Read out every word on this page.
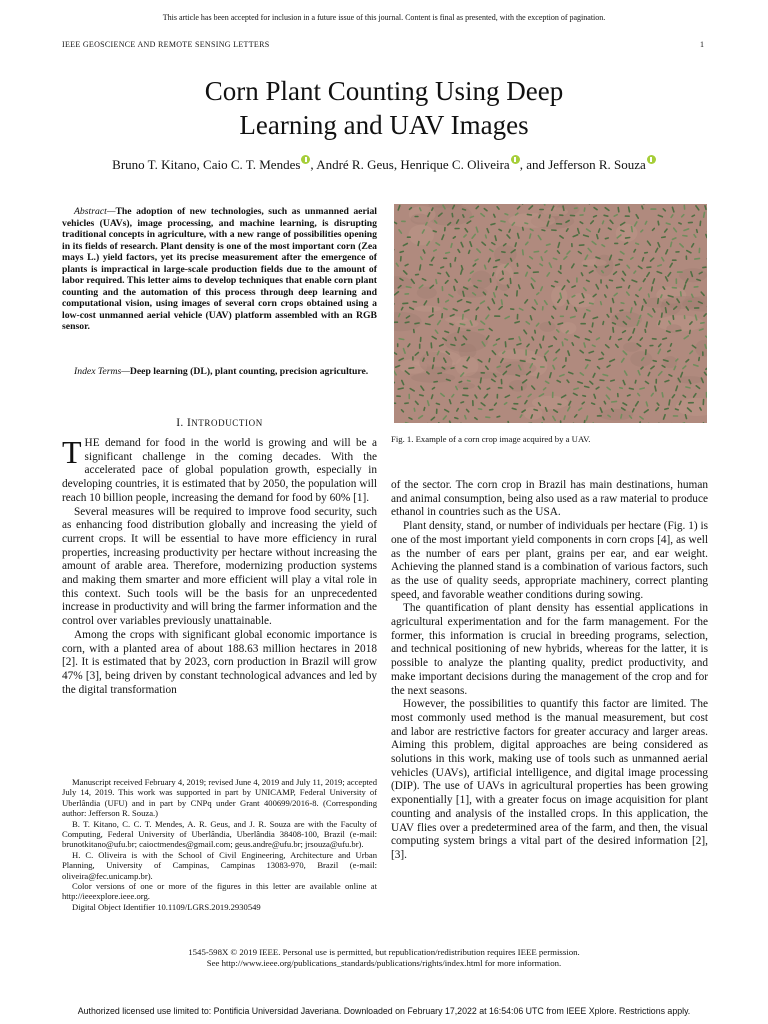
This article has been accepted for inclusion in a future issue of this journal. Content is final as presented, with the exception of pagination.
IEEE GEOSCIENCE AND REMOTE SENSING LETTERS	1
Corn Plant Counting Using Deep
Learning and UAV Images
Bruno T. Kitano, Caio C. T. Mendes , André R. Geus, Henrique C. Oliveira , and Jefferson R. Souza

Abstract—The adoption of new technologies, such as unmanned aerial vehicles (UAVs), image processing, and machine learning, is disrupting traditional concepts in agriculture, with a new range of possibilities opening in its fields of research. Plant density is one of the most important corn (Zea mays L.) yield factors, yet its precise measurement after the emergence of plants is impractical in large-scale production fields due to the amount of labor required. This letter aims to develop techniques that enable corn plant counting and the automation of this process through deep learning and computational vision, using images of several corn crops obtained using a low-cost unmanned aerial vehicle (UAV) platform assembled with an RGB sensor.

Index Terms—Deep learning (DL), plant counting, precision agriculture.

I. INTRODUCTION

THE demand for food in the world is growing and will be a significant challenge in the coming decades. With the accelerated pace of global population growth, especially in developing countries, it is estimated that by 2050, the population will reach 10 billion people, increasing the demand for food by 60% [1].

Several measures will be required to improve food security, such as enhancing food distribution globally and increasing the yield of current crops. It will be essential to have more efficiency in rural properties, increasing productivity per hectare without increasing the amount of arable area. Therefore, modernizing production systems and making them smarter and more efficient will play a vital role in this context. Such tools will be the basis for an unprecedented increase in productivity and will bring the farmer information and the control over variables previously unattainable.

Among the crops with significant global economic importance is corn, with a planted area of about 188.63 million hectares in 2018 [2]. It is estimated that by 2023, corn production in Brazil will grow 47% [3], being driven by constant technological advances and led by the digital transformation

Manuscript received February 4, 2019; revised June 4, 2019 and July 11, 2019; accepted July 14, 2019. This work was supported in part by UNICAMP, Federal University of Uberlândia (UFU) and in part by CNPq under Grant 400699/2016-8. (Corresponding author: Jefferson R. Souza.)

B. T. Kitano, C. C. T. Mendes, A. R. Geus, and J. R. Souza are with the Faculty of Computing, Federal University of Uberlândia, Uberlândia 38408-100, Brazil (e-mail: brunotkitano@ufu.br; caioctmendes@gmail.com; geus.andre@ufu.br; jrsouza@ufu.br).

H. C. Oliveira is with the School of Civil Engineering, Architecture and Urban Planning, University of Campinas, Campinas 13083-970, Brazil (e-mail: oliveira@fec.unicamp.br).

Color versions of one or more of the figures in this letter are available online at http://ieeexplore.ieee.org.

Digital Object Identifier 10.1109/LGRS.2019.2930549

Fig. 1. Example of a corn crop image acquired by a UAV.

of the sector. The corn crop in Brazil has main destinations, human and animal consumption, being also used as a raw material to produce ethanol in countries such as the USA.

Plant density, stand, or number of individuals per hectare (Fig. 1) is one of the most important yield components in corn crops [4], as well as the number of ears per plant, grains per ear, and ear weight. Achieving the planned stand is a combination of various factors, such as the use of quality seeds, appropriate machinery, correct planting speed, and favorable weather conditions during sowing.

The quantification of plant density has essential applications in agricultural experimentation and for the farm management. For the former, this information is crucial in breeding programs, selection, and technical positioning of new hybrids, whereas for the latter, it is possible to analyze the planting quality, predict productivity, and make important decisions during the management of the crop and for the next seasons.

However, the possibilities to quantify this factor are limited. The most commonly used method is the manual measurement, but cost and labor are restrictive factors for greater accuracy and larger areas. Aiming this problem, digital approaches are being considered as solutions in this work, making use of tools such as unmanned aerial vehicles (UAVs), artificial intelligence, and digital image processing (DIP). The use of UAVs in agricultural properties has been growing exponentially [1], with a greater focus on image acquisition for plant counting and analysis of the installed crops. In this application, the UAV flies over a predetermined area of the farm, and then, the visual computing system brings a vital part of the desired information [2], [3].

1545-598X © 2019 IEEE. Personal use is permitted, but republication/redistribution requires IEEE permission.
See http://www.ieee.org/publications_standards/publications/rights/index.html for more information.
Authorized licensed use limited to: Pontificia Universidad Javeriana. Downloaded on February 17,2022 at 16:54:06 UTC from IEEE Xplore. Restrictions apply.
